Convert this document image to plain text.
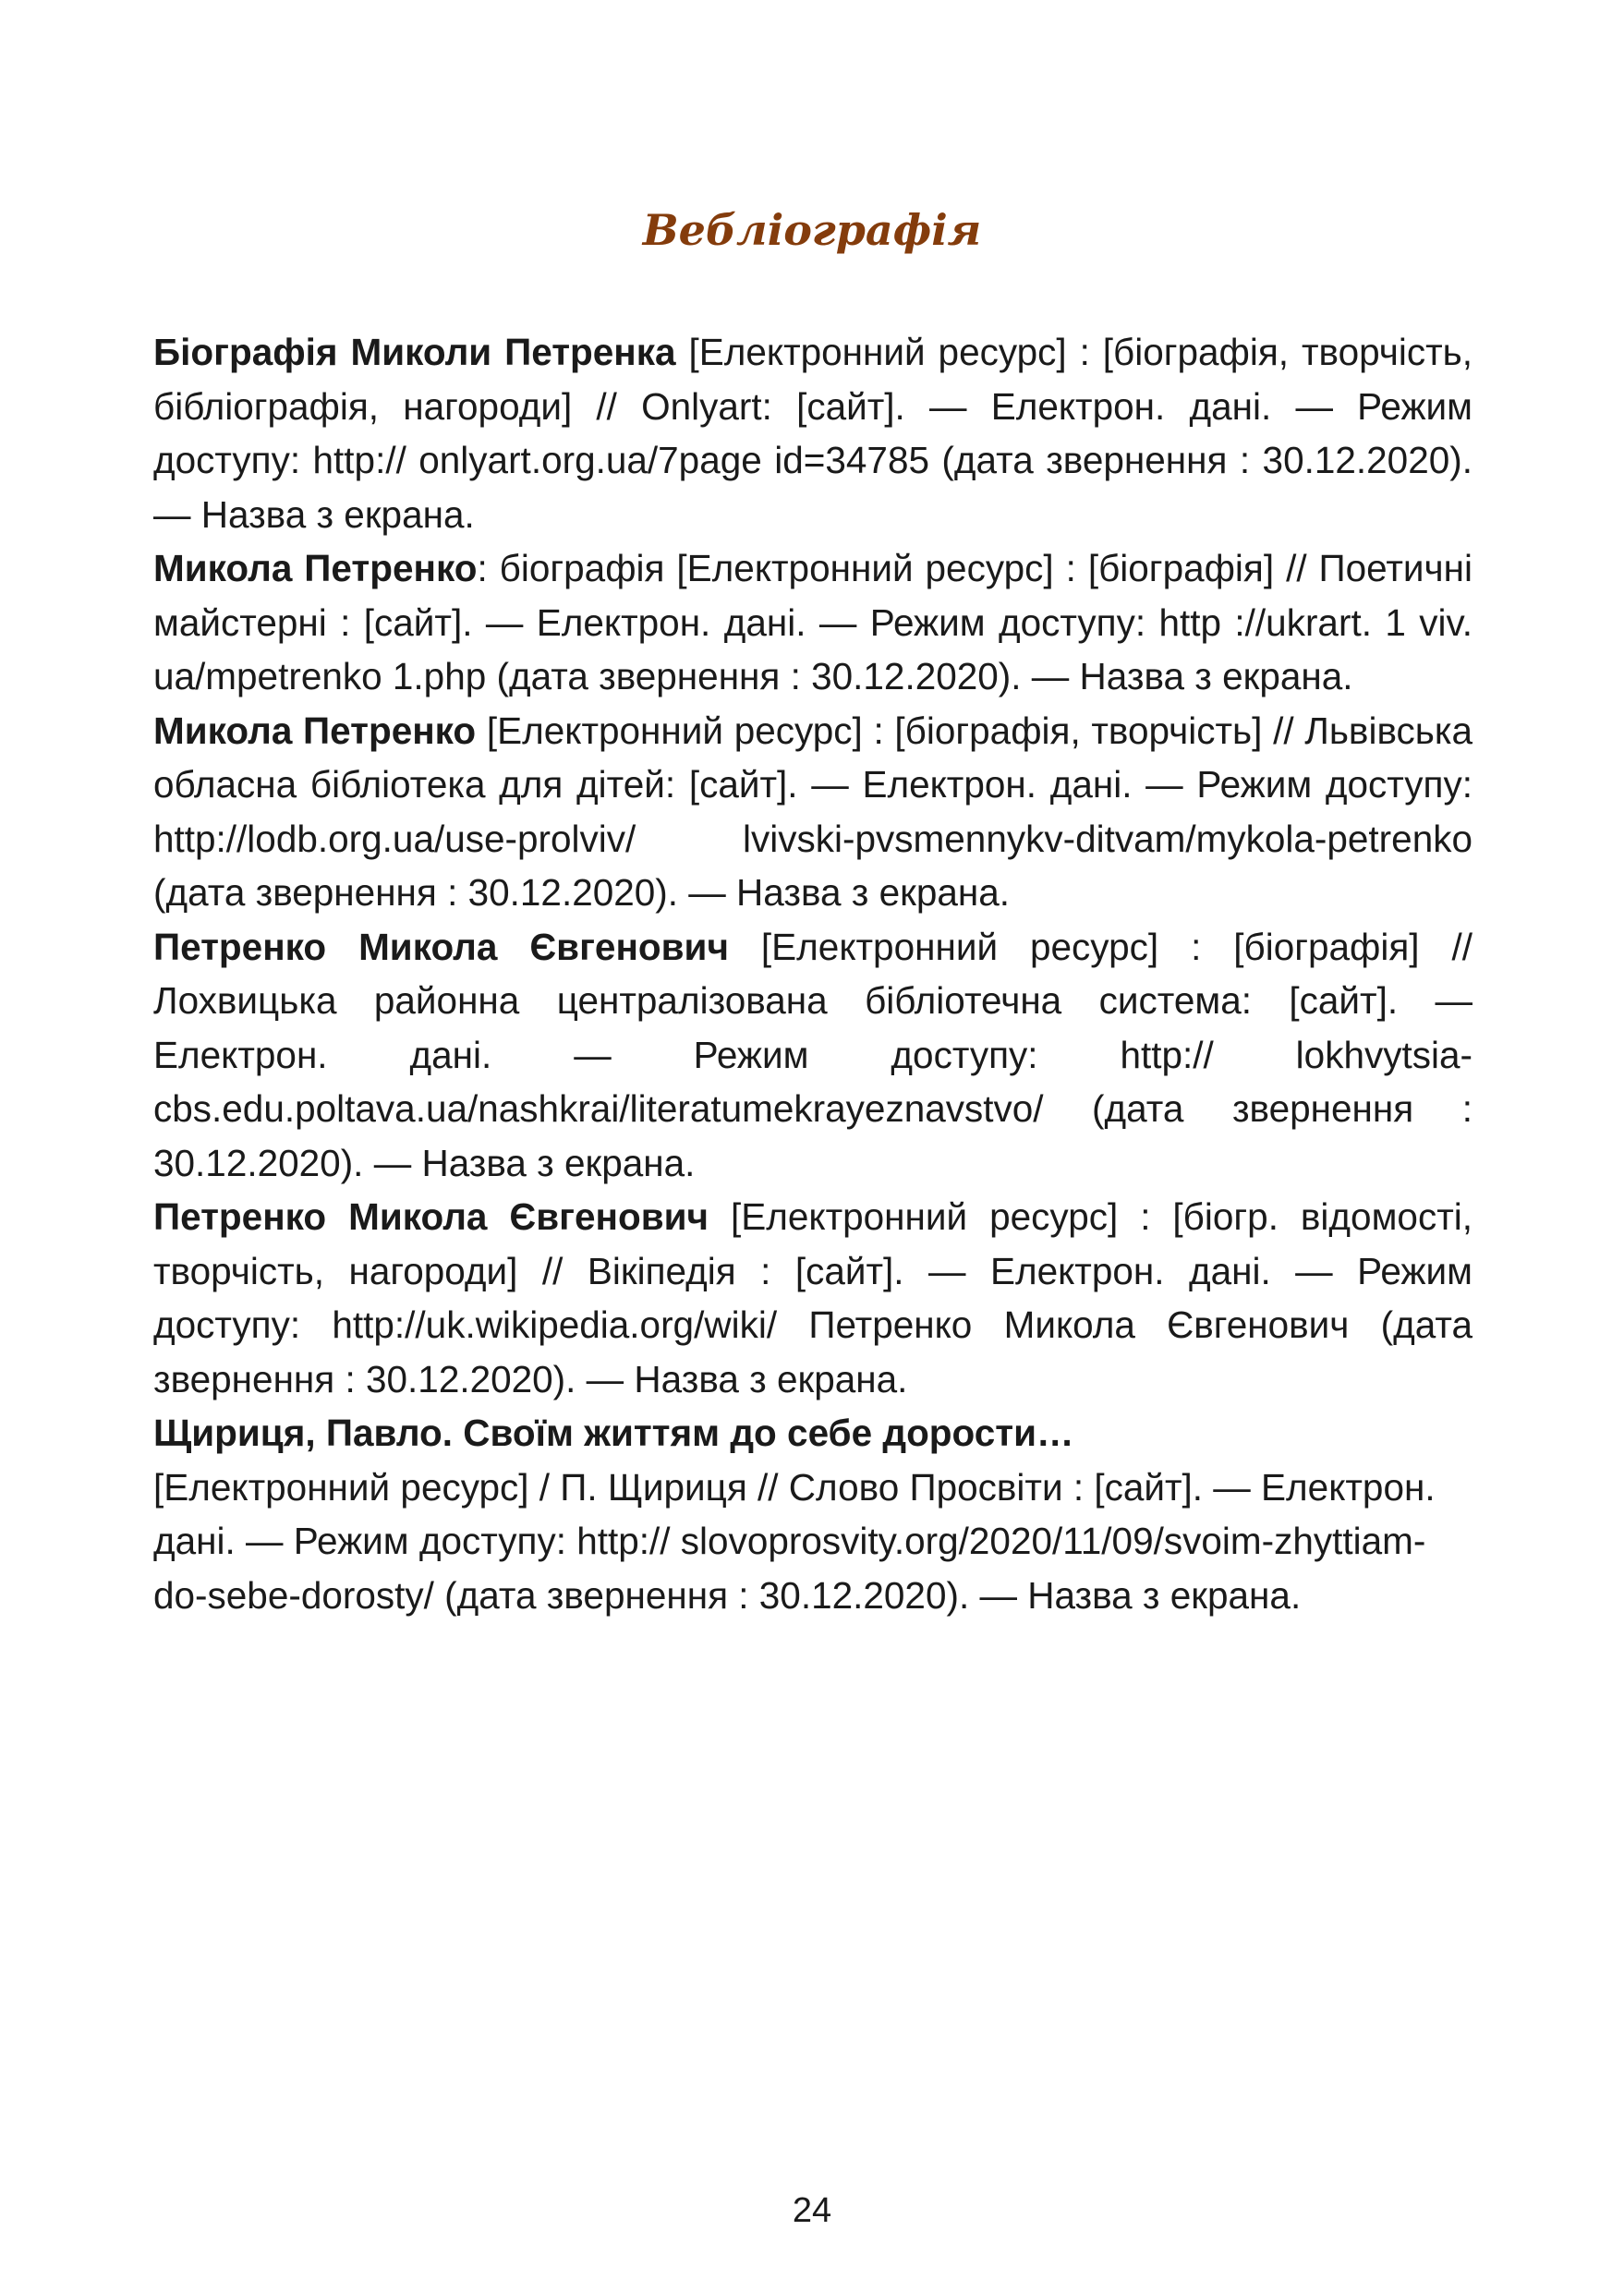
Вебліографія

Біографія Миколи Петренка [Електронний ресурс] : [біографія, творчість, бібліографія, нагороди] // Onlyart: [сайт]. — Електрон. дані. — Режим доступу: http:// onlyart.org.ua/7page id=34785 (дата звернення : 30.12.2020). — Назва з екрана.

Микола Петренко: біографія [Електронний ресурс] : [біографія] // Поетичні майстерні : [сайт]. — Електрон. дані. — Режим доступу: http ://ukrart. 1 viv. ua/mpetrenko 1.php (дата звернення : 30.12.2020). — Назва з екрана.

Микола Петренко [Електронний ресурс] : [біографія, творчість] // Львівська обласна бібліотека для дітей: [сайт]. — Електрон. дані. — Режим доступу: http://lodb.org.ua/use-prolviv/ lvivski-pvsmennykv-ditvam/mykola-petrenko (дата звернення : 30.12.2020). — Назва з екрана.

Петренко Микола Євгенович [Електронний ресурс] : [біографія] // Лохвицька районна централізована бібліотечна система: [сайт]. — Електрон. дані. — Режим доступу: http:// lokhvytsia-cbs.edu.poltava.ua/nashkrai/literatumekrayeznavstvo/ (дата звернення : 30.12.2020). — Назва з екрана.

Петренко Микола Євгенович [Електронний ресурс] : [біогр. відомості, творчість, нагороди] // Вікіпедія : [сайт]. — Електрон. дані. — Режим доступу: http://uk.wikipedia.org/wiki/ Петренко Микола Євгенович (дата звернення : 30.12.2020). — Назва з екрана.

Щириця, Павло. Своїм життям до себе дорости…
[Електронний ресурс] / П. Щириця // Слово Просвіти : [сайт]. — Електрон. дані. — Режим доступу: http:// slovoprosvity.org/2020/11/09/svoim-zhyttiam-do-sebe-dorosty/ (дата звернення : 30.12.2020). — Назва з екрана.

24
